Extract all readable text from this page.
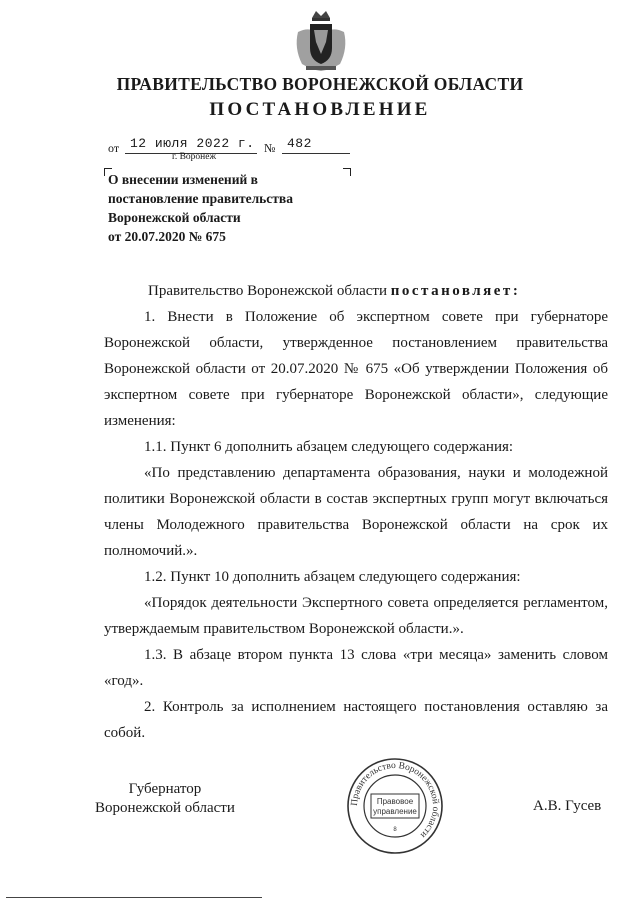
ПРАВИТЕЛЬСТВО ВОРОНЕЖСКОЙ ОБЛАСТИ
ПОСТАНОВЛЕНИЕ
от 12 июля 2022 г. № 482
г. Воронеж
О внесении изменений в
постановление правительства
Воронежской области
от 20.07.2020 № 675
Правительство Воронежской области постановляет:
1. Внести в Положение об экспертном совете при губернаторе Воронежской области, утвержденное постановлением правительства Воронежской области от 20.07.2020 № 675 «Об утверждении Положения об экспертном совете при губернаторе Воронежской области», следующие изменения:
1.1. Пункт 6 дополнить абзацем следующего содержания:
«По представлению департамента образования, науки и молодежной политики Воронежской области в состав экспертных групп могут включаться члены Молодежного правительства Воронежской области на срок их полномочий.».
1.2. Пункт 10 дополнить абзацем следующего содержания:
«Порядок деятельности Экспертного совета определяется регламентом, утверждаемым правительством Воронежской области.».
1.3. В абзаце втором пункта 13 слова «три месяца» заменить словом «год».
2. Контроль за исполнением настоящего постановления оставляю за собой.
Губернатор
Воронежской области	Правительство Воронежской области
Правовое
управление
8
А.В. Гусев
